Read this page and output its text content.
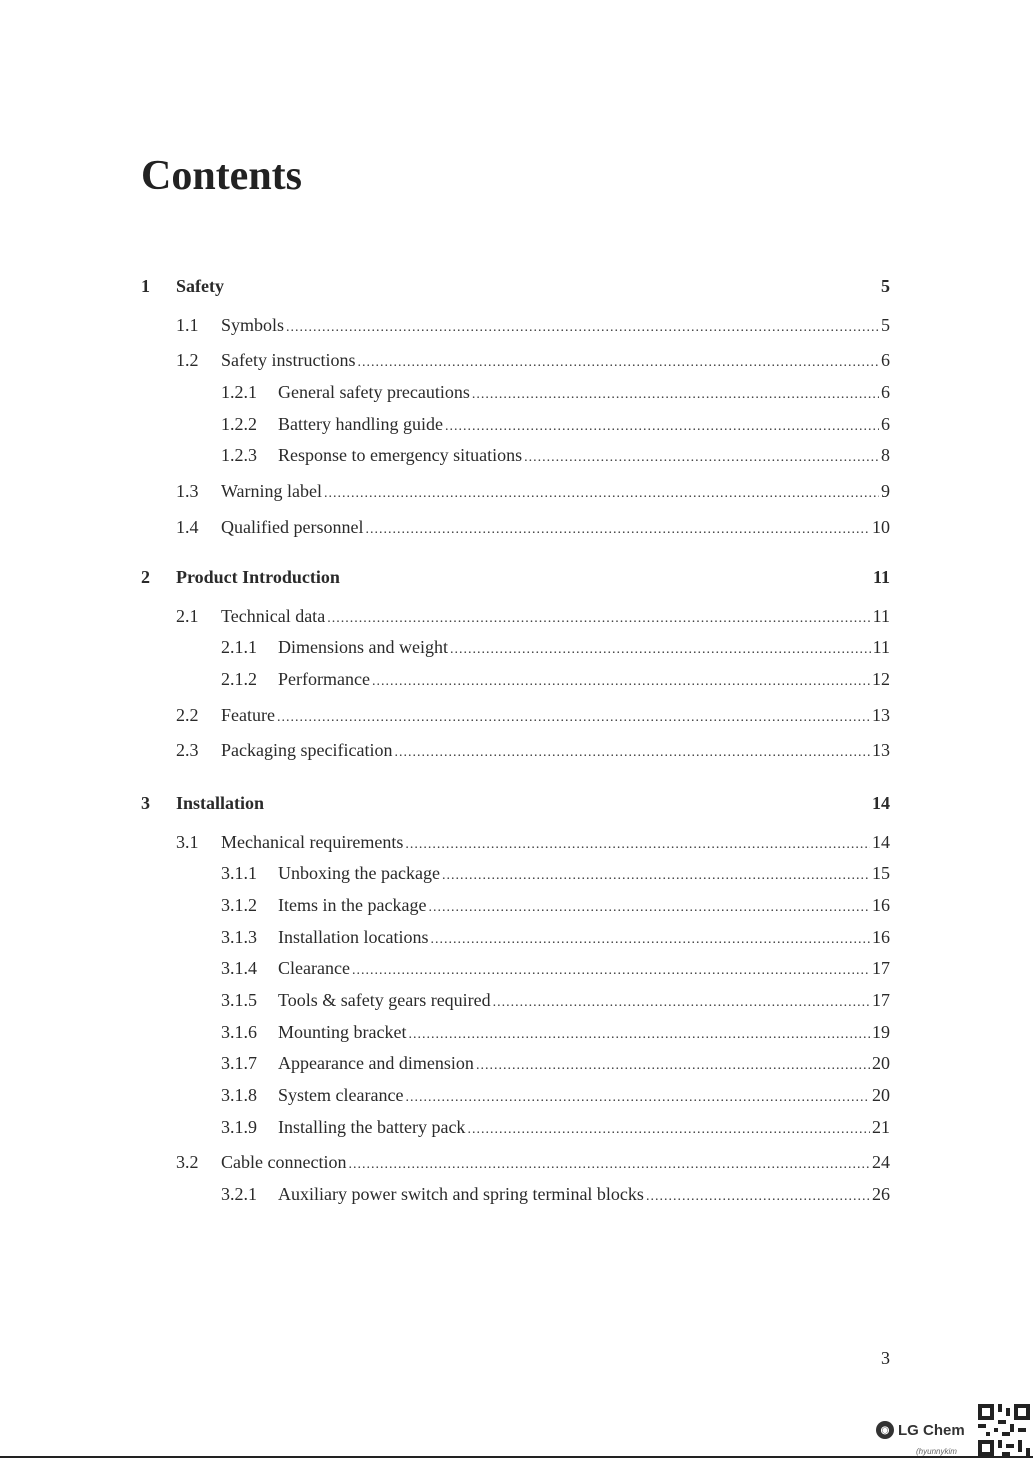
Contents
1	Safety	5
1.1	Symbols .....	5
1.2	Safety instructions .....	6
1.2.1	General safety precautions .....	6
1.2.2	Battery handling guide .....	6
1.2.3	Response to emergency situations .....	8
1.3	Warning label .....	9
1.4	Qualified personnel .....	10
2	Product Introduction	11
2.1	Technical data .....	11
2.1.1	Dimensions and weight .....	11
2.1.2	Performance .....	12
2.2	Feature .....	13
2.3	Packaging specification .....	13
3	Installation	14
3.1	Mechanical requirements .....	14
3.1.1	Unboxing the package .....	15
3.1.2	Items in the package .....	16
3.1.3	Installation locations .....	16
3.1.4	Clearance .....	17
3.1.5	Tools & safety gears required .....	17
3.1.6	Mounting bracket .....	19
3.1.7	Appearance and dimension .....	20
3.1.8	System clearance .....	20
3.1.9	Installing the battery pack .....	21
3.2	Cable connection .....	24
3.2.1	Auxiliary power switch and spring terminal blocks .....	26
3
◉ LG Chem
(hyunnykim
